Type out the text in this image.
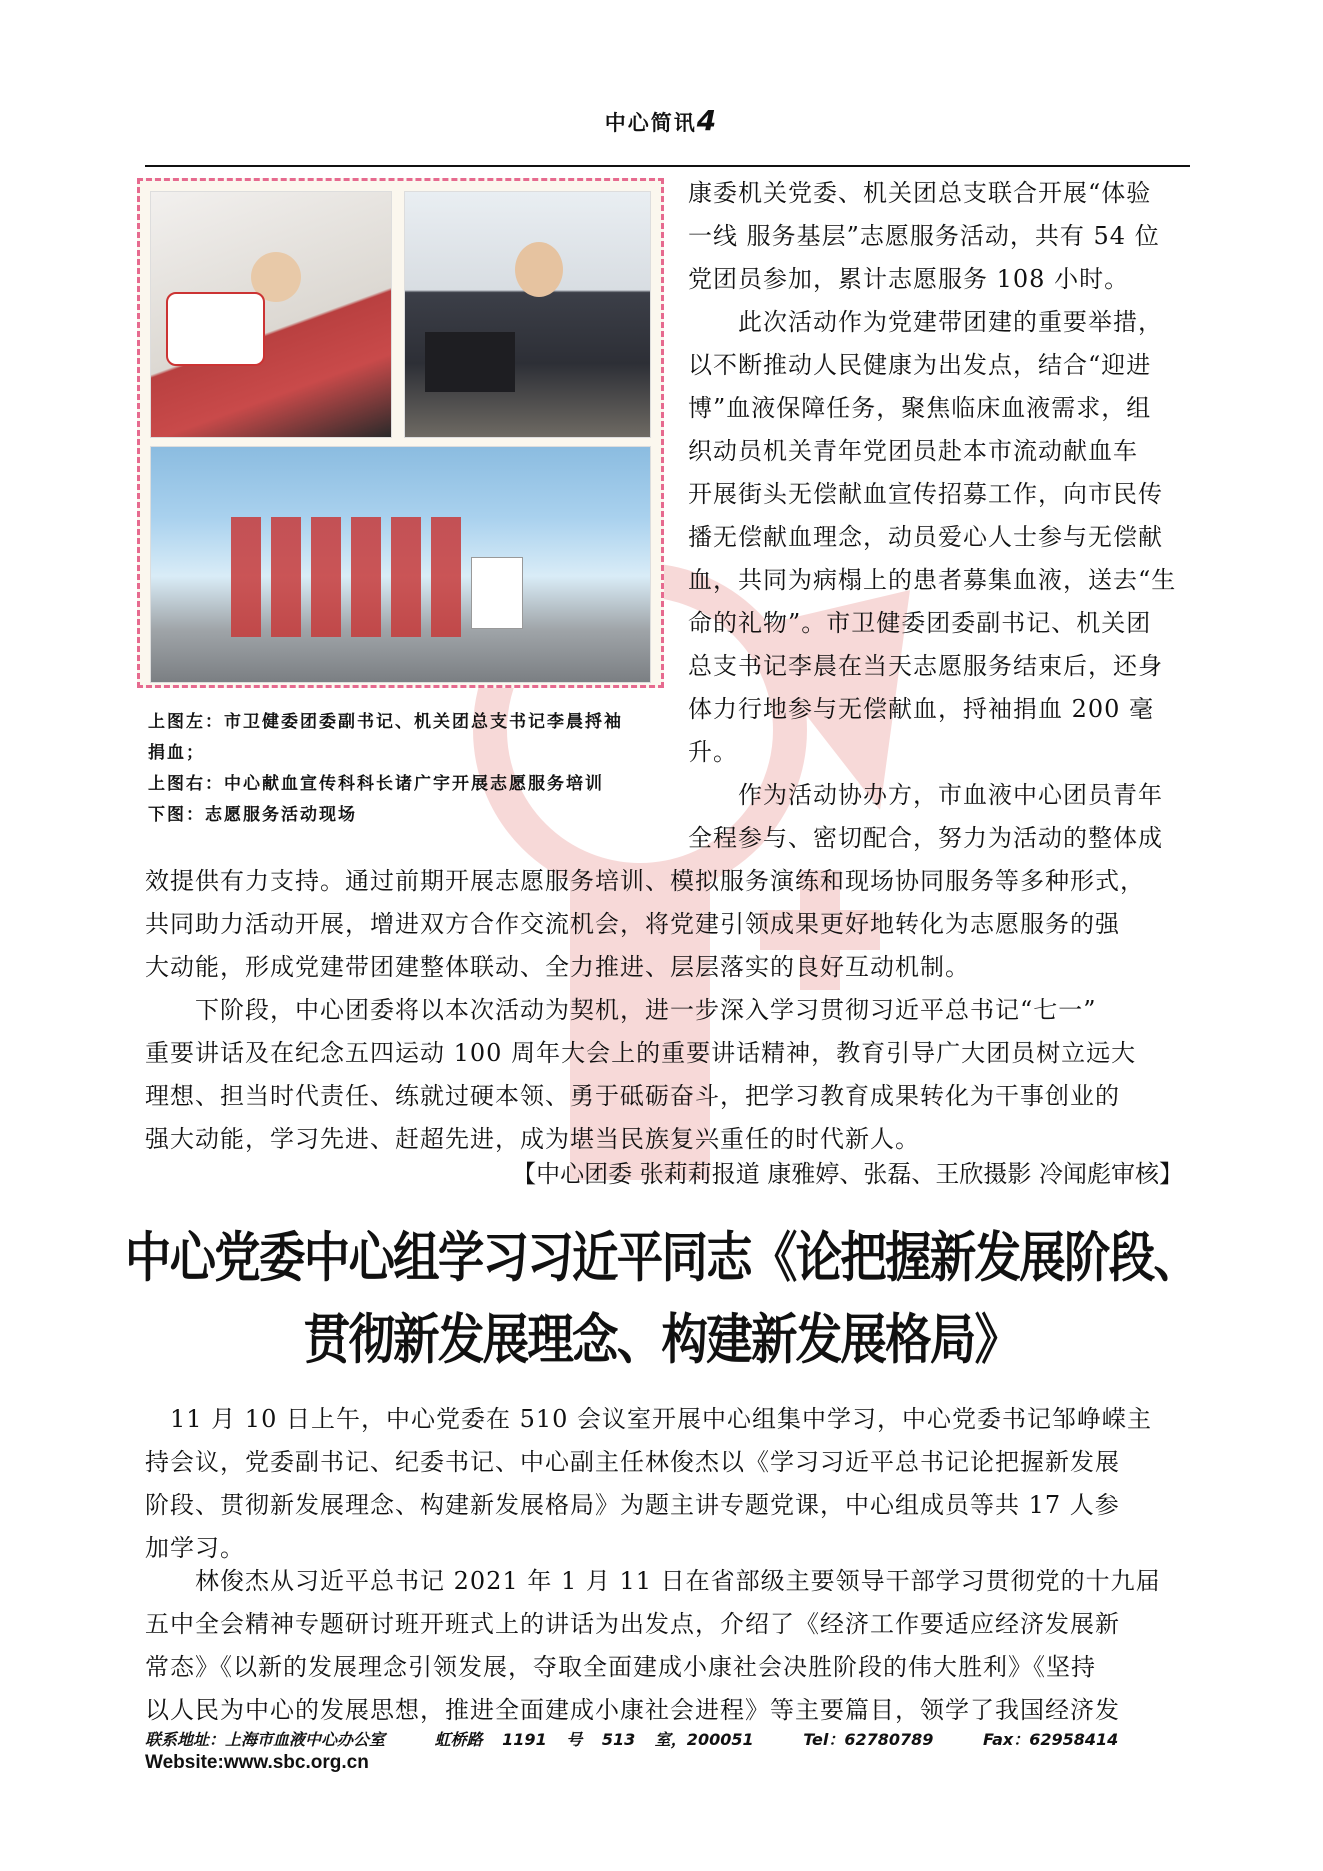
中心简讯4
上图左：市卫健委团委副书记、机关团总支书记李晨捋袖
捐血；
上图右：中心献血宣传科科长诸广宇开展志愿服务培训
下图：志愿服务活动现场
康委机关党委、机关团总支联合开展“体验
一线 服务基层”志愿服务活动，共有 54 位
党团员参加，累计志愿服务 108 小时。
　　此次活动作为党建带团建的重要举措，
以不断推动人民健康为出发点，结合“迎进
博”血液保障任务，聚焦临床血液需求，组
织动员机关青年党团员赴本市流动献血车
开展街头无偿献血宣传招募工作，向市民传
播无偿献血理念，动员爱心人士参与无偿献
血，共同为病榻上的患者募集血液，送去“生
命的礼物”。市卫健委团委副书记、机关团
总支书记李晨在当天志愿服务结束后，还身
体力行地参与无偿献血，捋袖捐血 200 毫
升。
　　作为活动协办方，市血液中心团员青年
全程参与、密切配合，努力为活动的整体成
效提供有力支持。通过前期开展志愿服务培训、模拟服务演练和现场协同服务等多种形式，
共同助力活动开展，增进双方合作交流机会，将党建引领成果更好地转化为志愿服务的强
大动能，形成党建带团建整体联动、全力推进、层层落实的良好互动机制。
　　下阶段，中心团委将以本次活动为契机，进一步深入学习贯彻习近平总书记“七一”
重要讲话及在纪念五四运动 100 周年大会上的重要讲话精神，教育引导广大团员树立远大
理想、担当时代责任、练就过硬本领、勇于砥砺奋斗，把学习教育成果转化为干事创业的
强大动能，学习先进、赶超先进，成为堪当民族复兴重任的时代新人。
【中心团委 张莉莉报道 康雅婷、张磊、王欣摄影 冷闻彪审核】
中心党委中心组学习习近平同志《论把握新发展阶段、
贯彻新发展理念、构建新发展格局》
　11 月 10 日上午，中心党委在 510 会议室开展中心组集中学习，中心党委书记邹峥嵘主
持会议，党委副书记、纪委书记、中心副主任林俊杰以《学习习近平总书记论把握新发展
阶段、贯彻新发展理念、构建新发展格局》为题主讲专题党课，中心组成员等共 17 人参
加学习。
　　林俊杰从习近平总书记 2021 年 1 月 11 日在省部级主要领导干部学习贯彻党的十九届
五中全会精神专题研讨班开班式上的讲话为出发点，介绍了《经济工作要适应经济发展新
常态》《以新的发展理念引领发展，夺取全面建成小康社会决胜阶段的伟大胜利》《坚持
以人民为中心的发展思想，推进全面建成小康社会进程》等主要篇目，领学了我国经济发
联系地址：上海市血液中心办公室	虹桥路 1191 号 513 室，200051	Tel：62780789	Fax：62958414
Website:www.sbc.org.cn
